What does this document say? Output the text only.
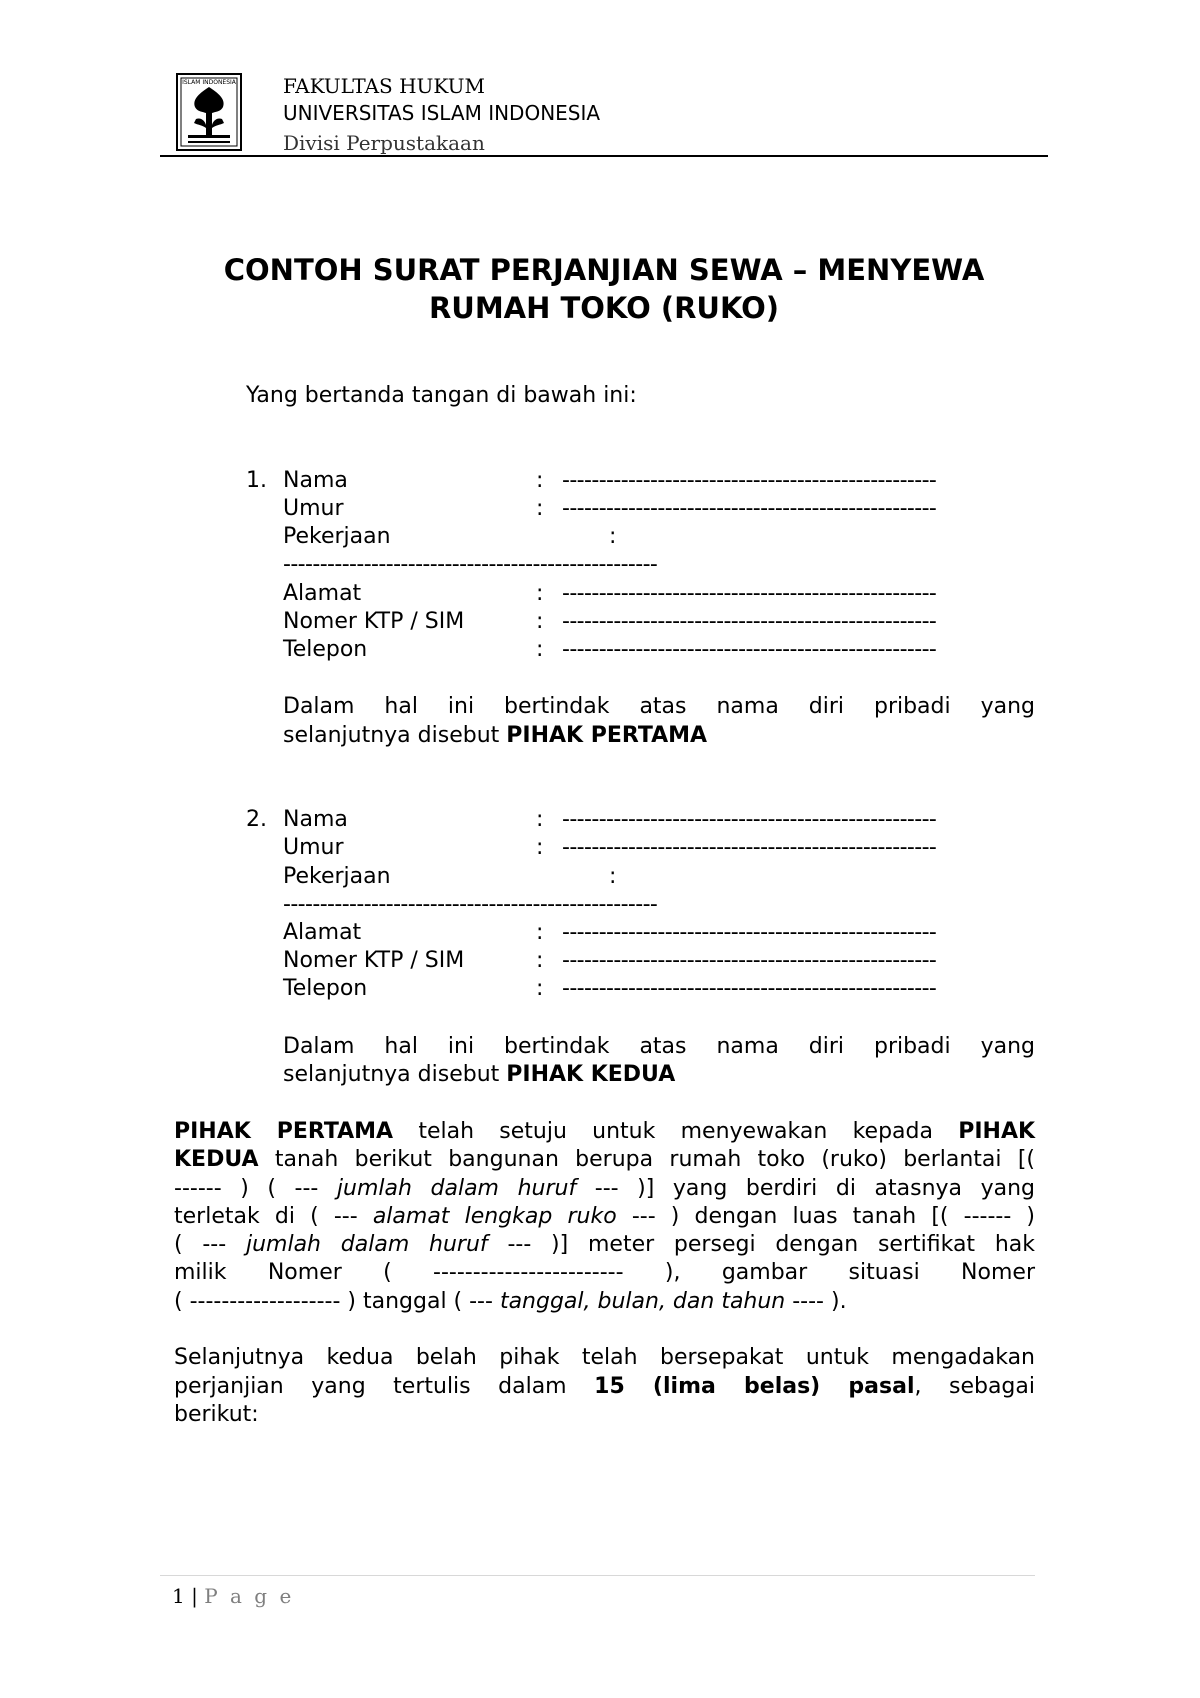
ISLAM INDONESIA FAKULTAS HUKUM
UNIVERSITAS ISLAM INDONESIA
Divisi Perpustakaan
CONTOH SURAT PERJANJIAN SEWA – MENYEWA
RUMAH TOKO (RUKO)
Yang bertanda tangan di bawah ini:
1. Nama	: ---------------------------------------------------
Umur	: ---------------------------------------------------
Pekerjaan	:
---------------------------------------------------
Alamat	: ---------------------------------------------------
Nomer KTP / SIM	: ---------------------------------------------------
Telepon	: ---------------------------------------------------
Dalam hal ini bertindak atas nama diri pribadi yang
selanjutnya disebut PIHAK PERTAMA
2. Nama	: ---------------------------------------------------
Umur	: ---------------------------------------------------
Pekerjaan	:
---------------------------------------------------
Alamat	: ---------------------------------------------------
Nomer KTP / SIM	: ---------------------------------------------------
Telepon	: ---------------------------------------------------
Dalam hal ini bertindak atas nama diri pribadi yang
selanjutnya disebut PIHAK KEDUA
PIHAK PERTAMA telah setuju untuk menyewakan kepada PIHAK
KEDUA tanah berikut bangunan berupa rumah toko (ruko) berlantai [(
------ ) ( --- jumlah dalam huruf --- )] yang berdiri di atasnya yang
terletak di ( --- alamat lengkap ruko --- ) dengan luas tanah [( ------ )
( --- jumlah dalam huruf --- )] meter persegi dengan sertifikat hak
milik Nomer ( ------------------------ ), gambar situasi Nomer
( ------------------- ) tanggal ( --- tanggal, bulan, dan tahun ---- ).
Selanjutnya kedua belah pihak telah bersepakat untuk mengadakan
perjanjian yang tertulis dalam 15 (lima belas) pasal, sebagai
berikut:
1 | P a g e
